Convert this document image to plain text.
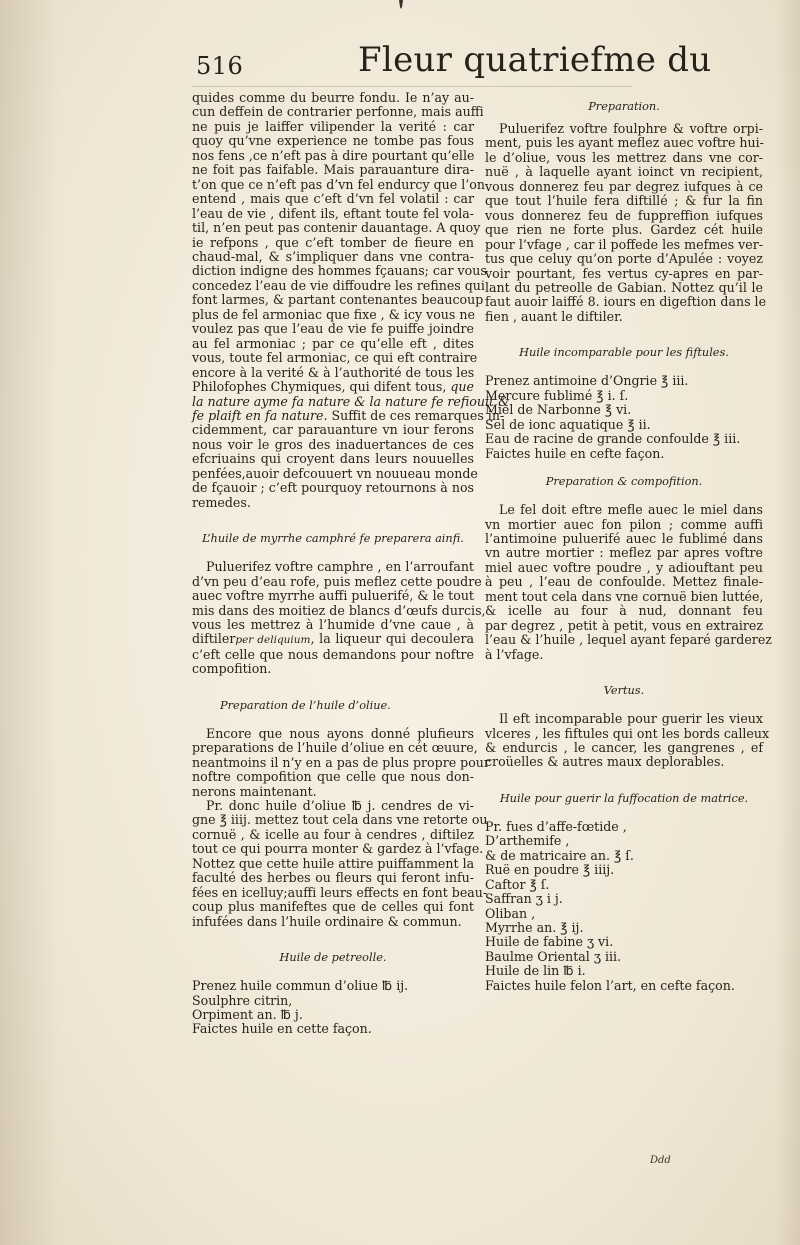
516	Fleur quatriefme du
quides comme du beurre fondu. Ie n’ay au-
cun deffein de contrarier perfonne, mais auffi
ne puis je laiffer vilipender la verité : car
quoy qu’vne experience ne tombe pas fous
nos fens ,ce n’eft pas à dire pourtant qu’elle
ne foit pas faifable. Mais parauanture dira-
t’on que ce n’eft pas d’vn fel endurcy que l’on
entend , mais que c’eft d’vn fel volatil : car
l’eau de vie , difent ils, eftant toute fel vola-
til, n’en peut pas contenir dauantage. A quoy
ie refpons , que c’eft tomber de fieure en
chaud-mal, & s’impliquer dans vne contra-
diction indigne des hommes fçauans; car vous
concedez l’eau de vie diffoudre les refines qui
font larmes, & partant contenantes beaucoup
plus de fel armoniac que fixe , & icy vous ne
voulez pas que l’eau de vie fe puiffe joindre
au fel armoniac ; par ce qu’elle eft , dites
vous, toute fel armoniac, ce qui eft contraire
encore à la verité & à l’authorité de tous les
Philofophes Chymiques, qui difent tous, que
la nature ayme fa nature & la nature fe refiouit &
fe plaift en fa nature. Suffit de ces remarques in-
cidemment, car parauanture vn iour ferons
nous voir le gros des inaduertances de ces
efcriuains qui croyent dans leurs nouuelles
penfées,auoir defcouuert vn nouueau monde
de fçauoir ; c’eft pourquoy retournons à nos
remedes.
L’huile de myrrhe camphré fe preparera ainfi.
Puluerifez voftre camphre , en l’arroufant
d’vn peu d’eau rofe, puis meflez cette poudre
auec voftre myrrhe auffi puluerifé, & le tout
mis dans des moitiez de blancs d’œufs durcis,
vous les mettrez à l’humide d’vne caue , à
diftilerper deliquium, la liqueur qui decoulera
c’eft celle que nous demandons pour noftre
compofition.
Preparation de l’huile d’oliue.
Encore que nous ayons donné plufieurs
preparations de l’huile d’oliue en cét œuure,
neantmoins il n’y en a pas de plus propre pour
noftre compofition que celle que nous don-
nerons maintenant.
Pr. donc huile d’oliue ℔ j. cendres de vi-
gne ℥ iiij. mettez tout cela dans vne retorte ou
cornuë , & icelle au four à cendres , diftilez
tout ce qui pourra monter & gardez à l’vfage.
Nottez que cette huile attire puiffamment la
faculté des herbes ou fleurs qui feront infu-
fées en icelluy;auffi leurs effects en font beau-
coup plus manifeftes que de celles qui font
infufées dans l’huile ordinaire & commun.
Huile de petreolle.
Prenez huile commun d’oliue ℔ ij.
Soulphre citrin,
Orpiment an. ℔ j.
Faictes huile en cette façon.
Preparation.
Puluerifez voftre foulphre & voftre orpi-
ment, puis les ayant meflez auec voftre hui-
le d’oliue, vous les mettrez dans vne cor-
nuë , à laquelle ayant ioinct vn recipient,
vous donnerez feu par degrez iufques à ce
que tout l’huile fera diftillé ; & fur la fin
vous donnerez feu de fuppreffion iufques
que rien ne forte plus. Gardez cét huile
pour l’vfage , car il poffede les mefmes ver-
tus que celuy qu’on porte d’Apulée : voyez
voir pourtant, fes vertus cy-apres en par-
lant du petreolle de Gabian. Nottez qu’il le
faut auoir laiffé 8. iours en digeftion dans le
fien , auant le diftiler.
Huile incomparable pour les fiftules.
Prenez antimoine d’Ongrie ℥ iii.
Mercure fublimé ℥ i. ſ.
Miel de Narbonne ℥ vi.
Sel de ionc aquatique ℥ ii.
Eau de racine de grande confoulde ℥ iii.
Faictes huile en cefte façon.
Preparation & compofition.
Le fel doit eftre mefle auec le miel dans
vn mortier auec fon pilon ; comme auffi
l’antimoine puluerifé auec le fublimé dans
vn autre mortier : meflez par apres voftre
miel auec voftre poudre , y adiouftant peu
à peu , l’eau de confoulde. Mettez finale-
ment tout cela dans vne cornuë bien luttée,
& icelle au four à nud, donnant feu
par degrez , petit à petit, vous en extrairez
l’eau & l’huile , lequel ayant feparé garderez
à l’vfage.
Vertus.
Il eft incomparable pour guerir les vieux
vlceres , les fiftules qui ont les bords calleux
& endurcis , le cancer, les gangrenes , ef
croüelles & autres maux deplorables.
Huile pour guerir la fuffocation de matrice.
Pr. fues d’affe-fœtide ,
D’arthemife ,
& de matricaire an. ℥ ſ.
Ruë en poudre ℥ iiij.
Caftor ℥ ſ.
Saffran ʒ i j.
Oliban ,
Myrrhe an. ℥ ij.
Huile de fabine ʒ vi.
Baulme Oriental ʒ iii.
Huile de lin ℔ i.
Faictes huile felon l’art, en cefte façon.
Ddd
